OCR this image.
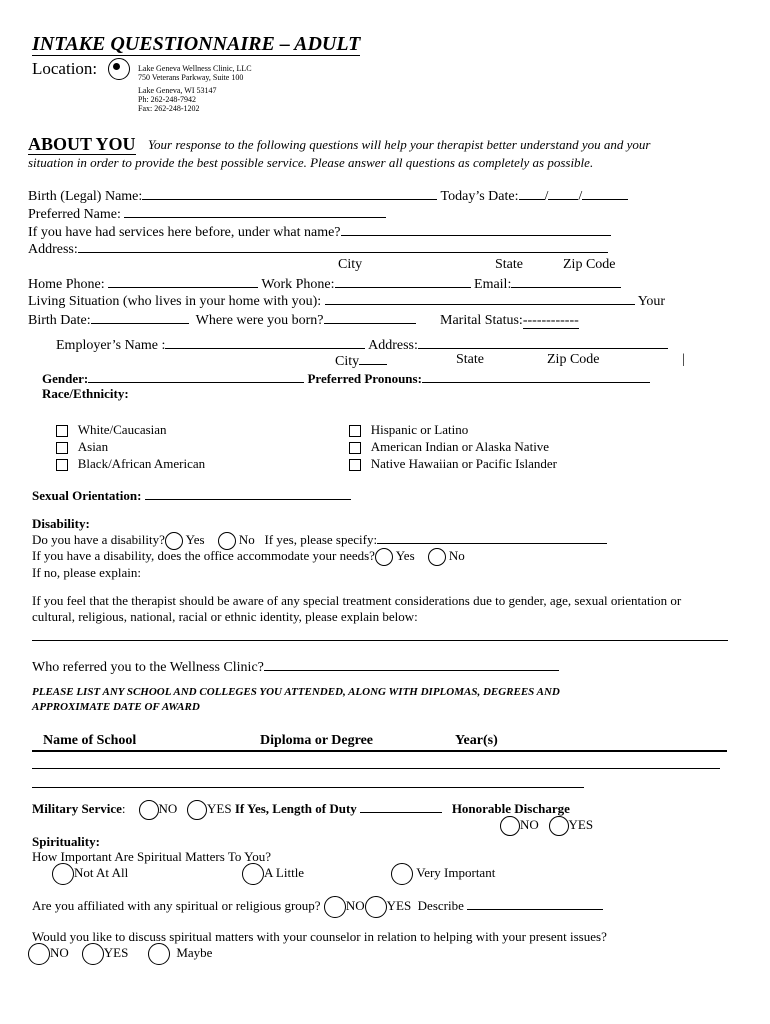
INTAKE QUESTIONNAIRE – ADULT
Location:	Lake Geneva Wellness Clinic, LLC
750 Veterans Parkway, Suite 100
Lake Geneva, WI 53147
Ph: 262-248-7942
Fax: 262-248-1202
ABOUT YOU Your response to the following questions will help your therapist better understand you and your
situation in order to provide the best possible service. Please answer all questions as completely as possible.
Birth (Legal) Name:	Today’s Date: / /
Preferred Name:
If you have had services here before, under what name?
Address:
City	State	Zip Code
Home Phone:	Work Phone:	Email:
Living Situation (who lives in your home with you):	Your
Birth Date:	Where were you born?	Marital Status:------------
Employer’s Name :	Address:
City	State	Zip Code	|
Gender:	Preferred Pronouns:
Race/Ethnicity:
White/Caucasian
Asian
Black/African American
Hispanic or Latino
American Indian or Alaska Native
Native Hawaiian or Pacific Islander
Sexual Orientation:
Disability:
Do you have a disability? Yes	No If yes, please specify:
If you have a disability, does the office accommodate your needs? Yes	No
If no, please explain:
If you feel that the therapist should be aware of any special treatment considerations due to gender, age, sexual orientation or
cultural, religious, national, racial or ethnic identity, please explain below:
Who referred you to the Wellness Clinic?
PLEASE LIST ANY SCHOOL AND COLLEGES YOU ATTENDED, ALONG WITH DIPLOMAS, DEGREES AND
APPROXIMATE DATE OF AWARD
Name of School	Diploma or Degree	Year(s)
Military Service:	NO YES If Yes, Length of Duty	Honorable Discharge
NO YES
Spirituality:
How Important Are Spiritual Matters To You?
Not At All	A Little	Very Important
Are you affiliated with any spiritual or religious group? NO YES Describe
Would you like to discuss spiritual matters with your counselor in relation to helping with your present issues?
NO	YES	Maybe
